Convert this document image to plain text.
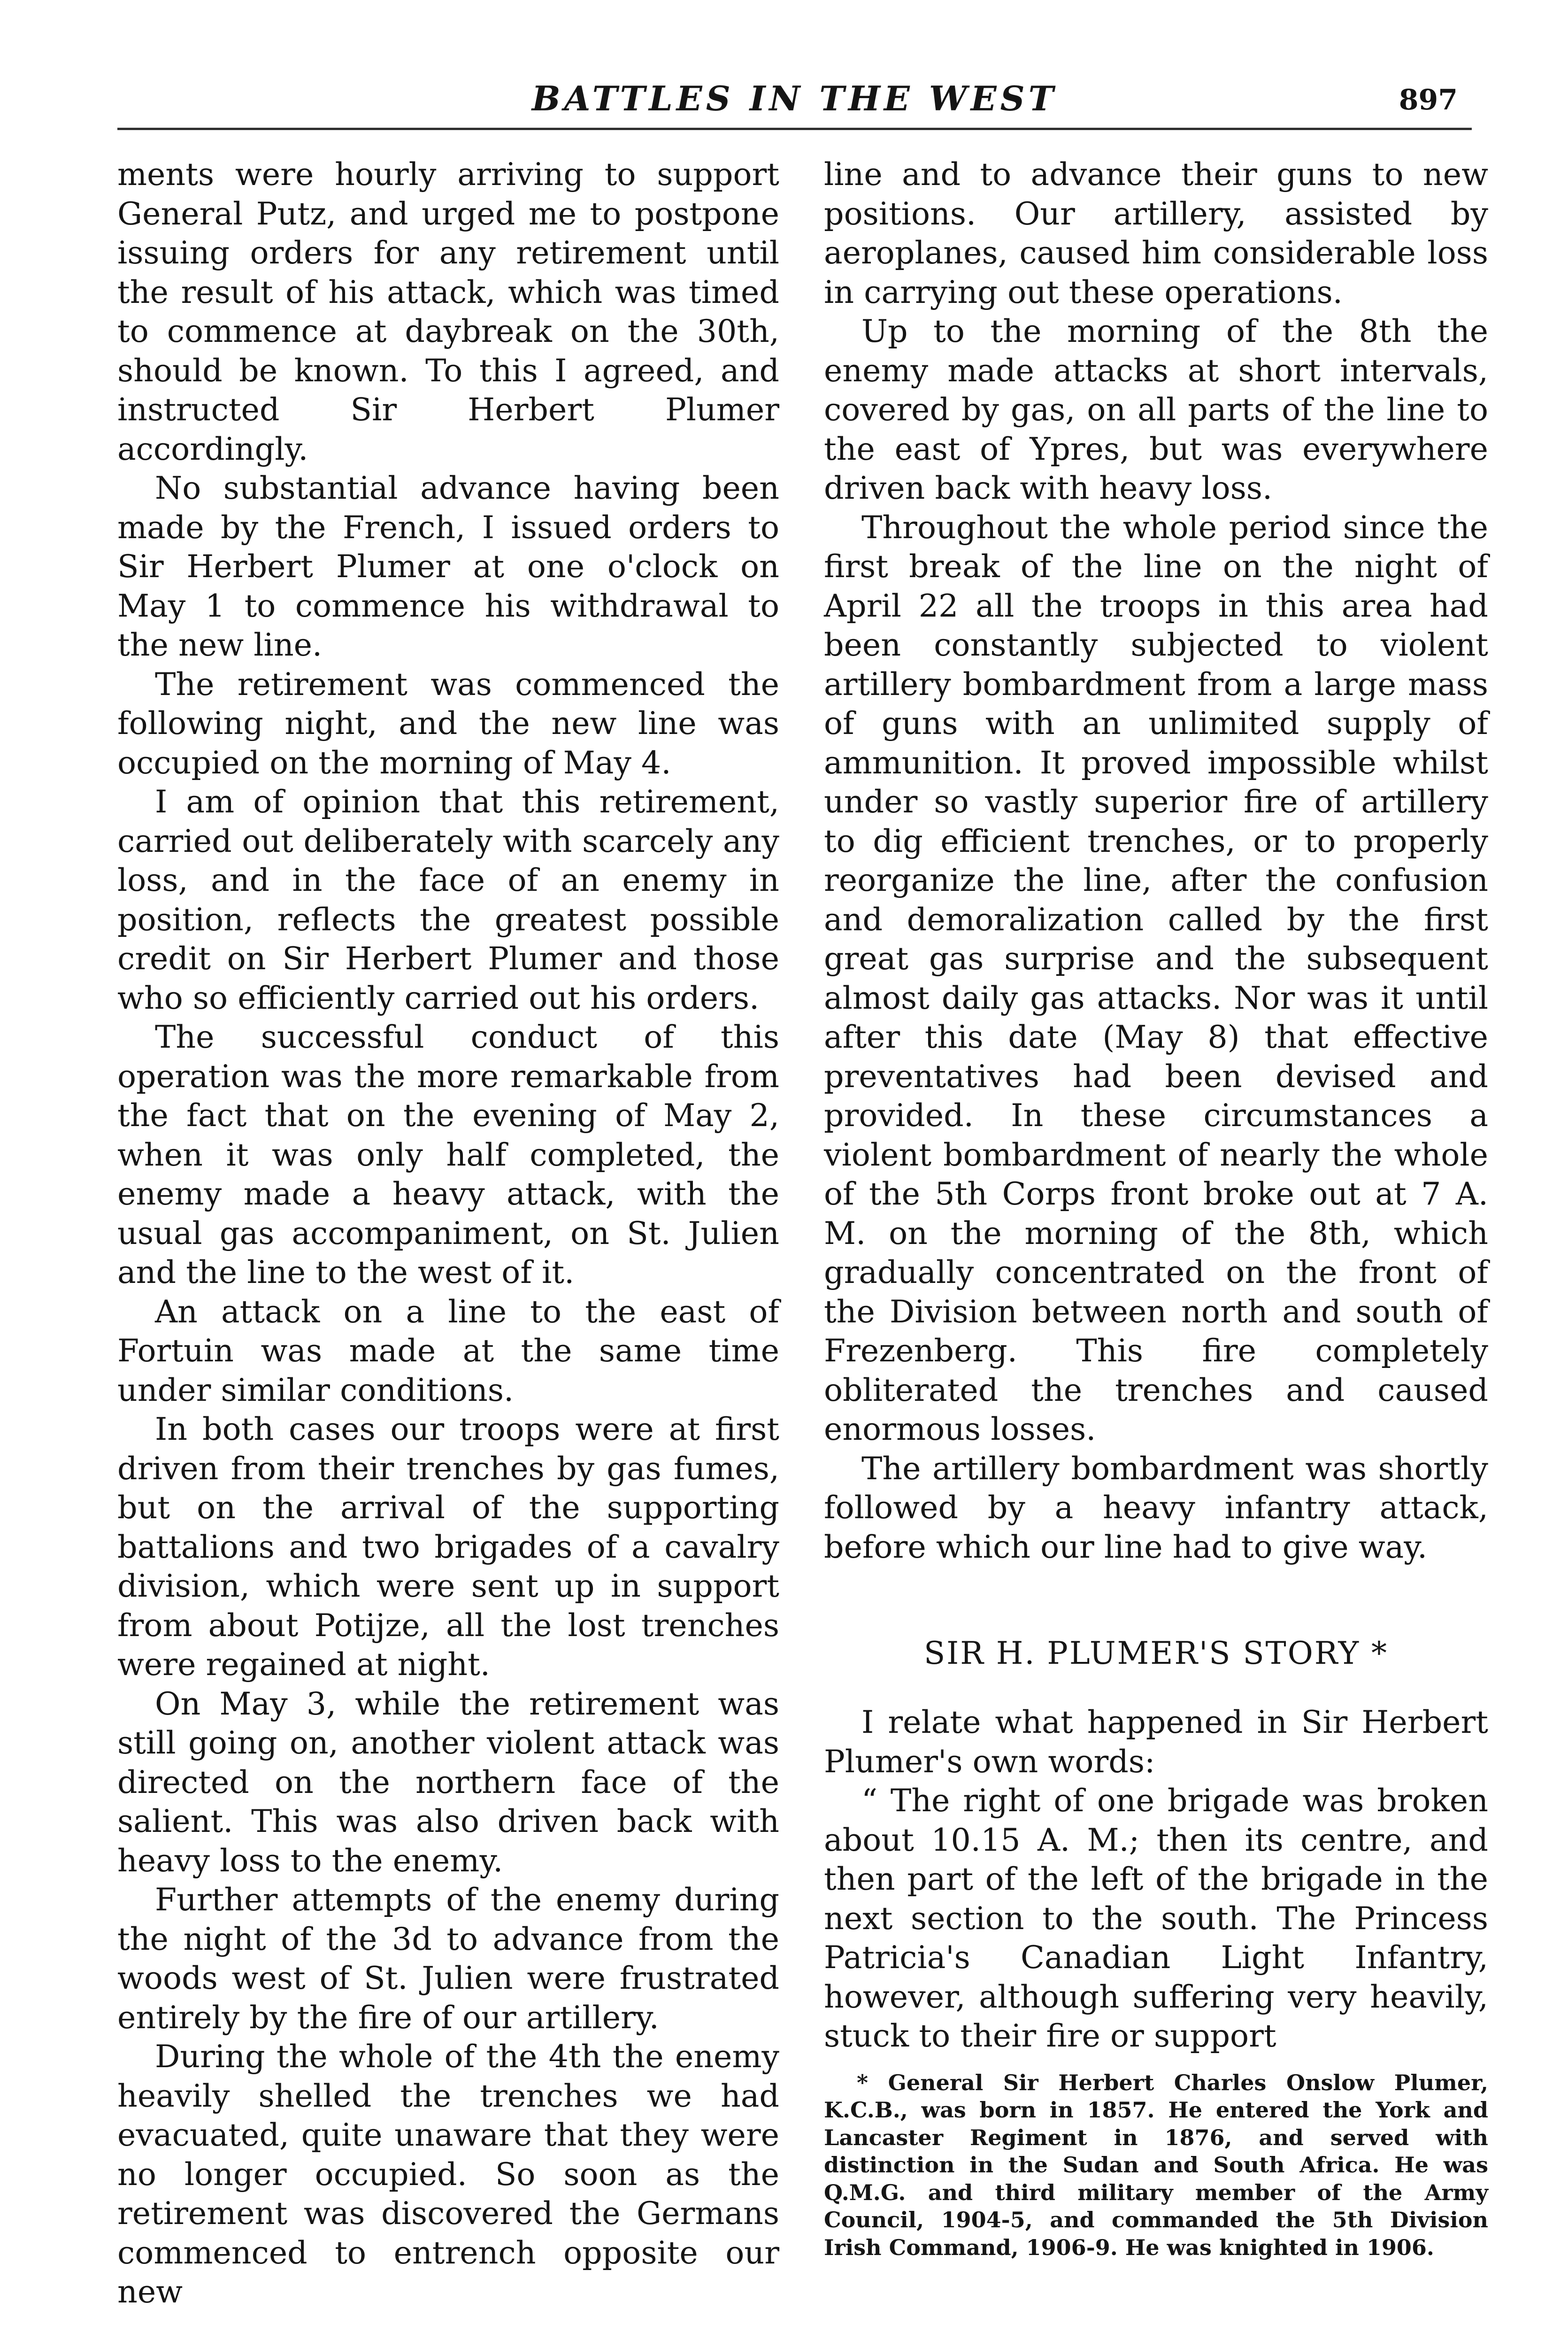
BATTLES IN THE WEST	897

ments were hourly arriving to support General Putz, and urged me to postpone issuing orders for any retirement until the result of his attack, which was timed to commence at daybreak on the 30th, should be known. To this I agreed, and instructed Sir Herbert Plumer accordingly.

No substantial advance having been made by the French, I issued orders to Sir Herbert Plumer at one o'clock on May 1 to commence his withdrawal to the new line.

The retirement was commenced the following night, and the new line was occupied on the morning of May 4.

I am of opinion that this retirement, carried out deliberately with scarcely any loss, and in the face of an enemy in position, reflects the greatest possible credit on Sir Herbert Plumer and those who so efficiently carried out his orders.

The successful conduct of this operation was the more remarkable from the fact that on the evening of May 2, when it was only half completed, the enemy made a heavy attack, with the usual gas accompaniment, on St. Julien and the line to the west of it.

An attack on a line to the east of Fortuin was made at the same time under similar conditions.

In both cases our troops were at first driven from their trenches by gas fumes, but on the arrival of the supporting battalions and two brigades of a cavalry division, which were sent up in support from about Potijze, all the lost trenches were regained at night.

On May 3, while the retirement was still going on, another violent attack was directed on the northern face of the salient. This was also driven back with heavy loss to the enemy.

Further attempts of the enemy during the night of the 3d to advance from the woods west of St. Julien were frustrated entirely by the fire of our artillery.

During the whole of the 4th the enemy heavily shelled the trenches we had evacuated, quite unaware that they were no longer occupied. So soon as the retirement was discovered the Germans commenced to entrench opposite our new

line and to advance their guns to new positions. Our artillery, assisted by aeroplanes, caused him considerable loss in carrying out these operations.

Up to the morning of the 8th the enemy made attacks at short intervals, covered by gas, on all parts of the line to the east of Ypres, but was everywhere driven back with heavy loss.

Throughout the whole period since the first break of the line on the night of April 22 all the troops in this area had been constantly subjected to violent artillery bombardment from a large mass of guns with an unlimited supply of ammunition. It proved impossible whilst under so vastly superior fire of artillery to dig efficient trenches, or to properly reorganize the line, after the confusion and demoralization called by the first great gas surprise and the subsequent almost daily gas attacks. Nor was it until after this date (May 8) that effective preventatives had been devised and provided. In these circumstances a violent bombardment of nearly the whole of the 5th Corps front broke out at 7 A. M. on the morning of the 8th, which gradually concentrated on the front of the Division between north and south of Frezenberg. This fire completely obliterated the trenches and caused enormous losses.

The artillery bombardment was shortly followed by a heavy infantry attack, before which our line had to give way.

SIR H. PLUMER'S STORY *

I relate what happened in Sir Herbert Plumer's own words:

“ The right of one brigade was broken about 10.15 A. M.; then its centre, and then part of the left of the brigade in the next section to the south. The Princess Patricia's Canadian Light Infantry, however, although suffering very heavily, stuck to their fire or support

* General Sir Herbert Charles Onslow Plumer, K.C.B., was born in 1857. He entered the York and Lancaster Regiment in 1876, and served with distinction in the Sudan and South Africa. He was Q.M.G. and third military member of the Army Council, 1904-5, and commanded the 5th Division Irish Command, 1906-9. He was knighted in 1906.
